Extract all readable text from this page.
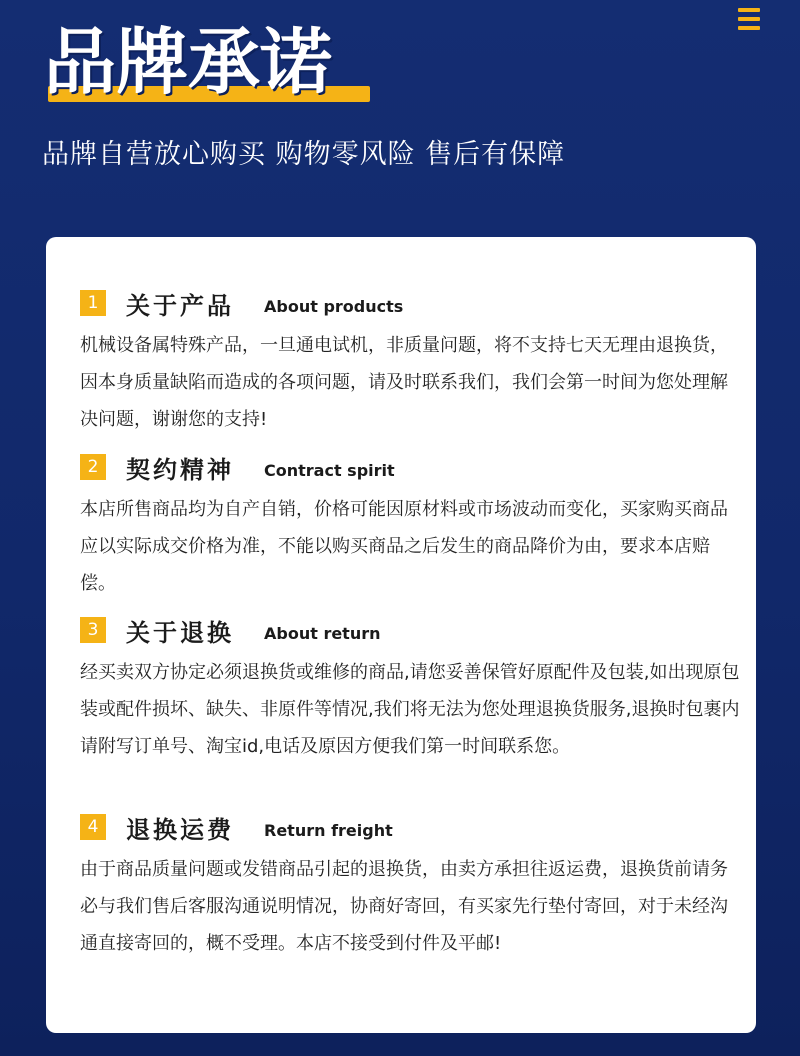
品牌承诺
品牌自营放心购买 购物零风险 售后有保障
1	关于产品 About products

机械设备属特殊产品，一旦通电试机，非质量问题，将不支持七天无理由退换货，因本身质量缺陷而造成的各项问题，请及时联系我们，我们会第一时间为您处理解决问题，谢谢您的支持!

2	契约精神 Contract spirit

本店所售商品均为自产自销，价格可能因原材料或市场波动而变化，买家购买商品应以实际成交价格为准，不能以购买商品之后发生的商品降价为由，要求本店赔偿。

3	关于退换 About return

经买卖双方协定必须退换货或维修的商品,请您妥善保管好原配件及包装,如出现原包装或配件损坏、缺失、非原件等情况,我们将无法为您处理退换货服务,退换时包裹内请附写订单号、淘宝id,电话及原因方便我们第一时间联系您。

4	退换运费 Return freight

由于商品质量问题或发错商品引起的退换货，由卖方承担往返运费，退换货前请务必与我们售后客服沟通说明情况，协商好寄回，有买家先行垫付寄回，对于未经沟通直接寄回的，概不受理。本店不接受到付件及平邮!
